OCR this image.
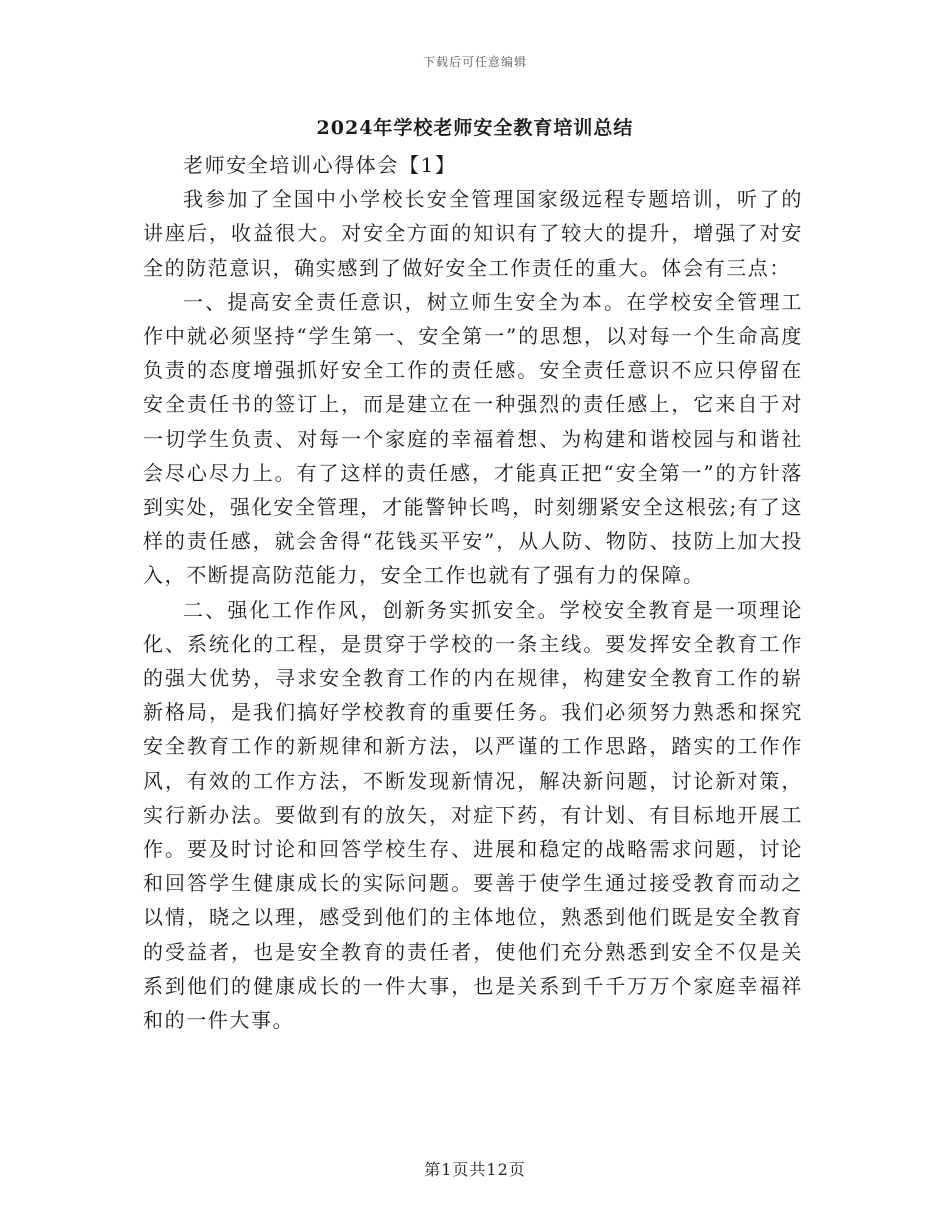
下载后可任意编辑
2024年学校老师安全教育培训总结

老师安全培训心得体会【1】

我参加了全国中小学校长安全管理国家级远程专题培训，听了的讲座后，收益很大。对安全方面的知识有了较大的提升，增强了对安全的防范意识，确实感到了做好安全工作责任的重大。体会有三点：

一、提高安全责任意识，树立师生安全为本。在学校安全管理工作中就必须坚持“学生第一、安全第一”的思想，以对每一个生命高度负责的态度增强抓好安全工作的责任感。安全责任意识不应只停留在安全责任书的签订上，而是建立在一种强烈的责任感上，它来自于对一切学生负责、对每一个家庭的幸福着想、为构建和谐校园与和谐社会尽心尽力上。有了这样的责任感，才能真正把“安全第一”的方针落到实处，强化安全管理，才能警钟长鸣，时刻绷紧安全这根弦;有了这样的责任感，就会舍得“花钱买平安”，从人防、物防、技防上加大投入，不断提高防范能力，安全工作也就有了强有力的保障。

二、强化工作作风，创新务实抓安全。学校安全教育是一项理论化、系统化的工程，是贯穿于学校的一条主线。要发挥安全教育工作的强大优势，寻求安全教育工作的内在规律，构建安全教育工作的崭新格局，是我们搞好学校教育的重要任务。我们必须努力熟悉和探究安全教育工作的新规律和新方法，以严谨的工作思路，踏实的工作作风，有效的工作方法，不断发现新情况，解决新问题，讨论新对策，实行新办法。要做到有的放矢，对症下药，有计划、有目标地开展工作。要及时讨论和回答学校生存、进展和稳定的战略需求问题，讨论和回答学生健康成长的实际问题。要善于使学生通过接受教育而动之以情，晓之以理，感受到他们的主体地位，熟悉到他们既是安全教育的受益者，也是安全教育的责任者，使他们充分熟悉到安全不仅是关系到他们的健康成长的一件大事，也是关系到千千万万个家庭幸福祥和的一件大事。

第1页共12页
